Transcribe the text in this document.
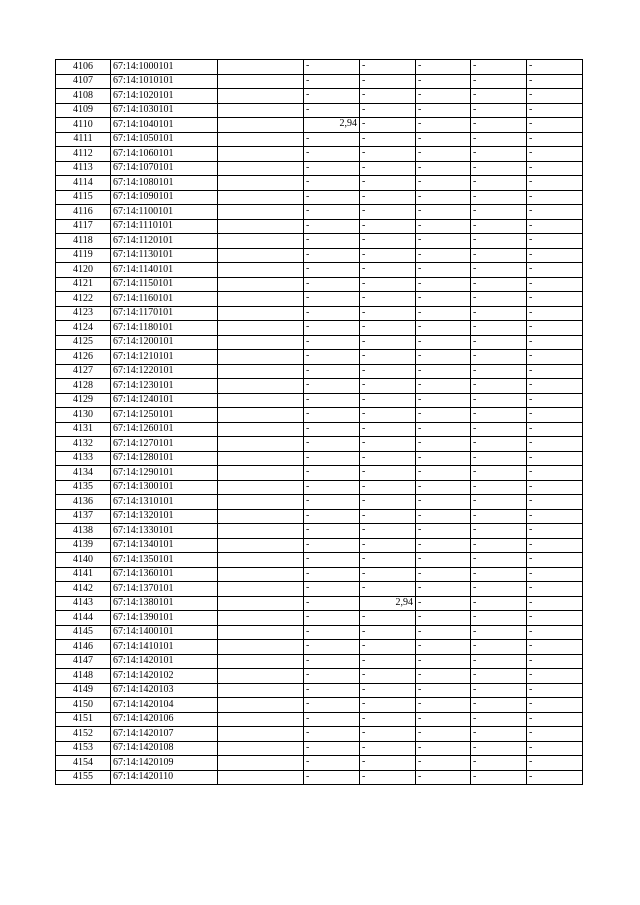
4106	67:14:1000101		-	-	-	-	-

4107	67:14:1010101		-	-	-	-	-

4108	67:14:1020101		-	-	-	-	-

4109	67:14:1030101		-	-	-	-	-

4110	67:14:1040101		2,94	-	-	-	-

4111	67:14:1050101		-	-	-	-	-

4112	67:14:1060101		-	-	-	-	-

4113	67:14:1070101		-	-	-	-	-

4114	67:14:1080101		-	-	-	-	-

4115	67:14:1090101		-	-	-	-	-

4116	67:14:1100101		-	-	-	-	-

4117	67:14:1110101		-	-	-	-	-

4118	67:14:1120101		-	-	-	-	-

4119	67:14:1130101		-	-	-	-	-

4120	67:14:1140101		-	-	-	-	-

4121	67:14:1150101		-	-	-	-	-

4122	67:14:1160101		-	-	-	-	-

4123	67:14:1170101		-	-	-	-	-

4124	67:14:1180101		-	-	-	-	-

4125	67:14:1200101		-	-	-	-	-

4126	67:14:1210101		-	-	-	-	-

4127	67:14:1220101		-	-	-	-	-

4128	67:14:1230101		-	-	-	-	-

4129	67:14:1240101		-	-	-	-	-

4130	67:14:1250101		-	-	-	-	-

4131	67:14:1260101		-	-	-	-	-

4132	67:14:1270101		-	-	-	-	-

4133	67:14:1280101		-	-	-	-	-

4134	67:14:1290101		-	-	-	-	-

4135	67:14:1300101		-	-	-	-	-

4136	67:14:1310101		-	-	-	-	-

4137	67:14:1320101		-	-	-	-	-

4138	67:14:1330101		-	-	-	-	-

4139	67:14:1340101		-	-	-	-	-

4140	67:14:1350101		-	-	-	-	-

4141	67:14:1360101		-	-	-	-	-

4142	67:14:1370101		-	-	-	-	-

4143	67:14:1380101		-	2,94	-	-	-

4144	67:14:1390101		-	-	-	-	-

4145	67:14:1400101		-	-	-	-	-

4146	67:14:1410101		-	-	-	-	-

4147	67:14:1420101		-	-	-	-	-

4148	67:14:1420102		-	-	-	-	-

4149	67:14:1420103		-	-	-	-	-

4150	67:14:1420104		-	-	-	-	-

4151	67:14:1420106		-	-	-	-	-

4152	67:14:1420107		-	-	-	-	-

4153	67:14:1420108		-	-	-	-	-

4154	67:14:1420109		-	-	-	-	-

4155	67:14:1420110		-	-	-	-	-
